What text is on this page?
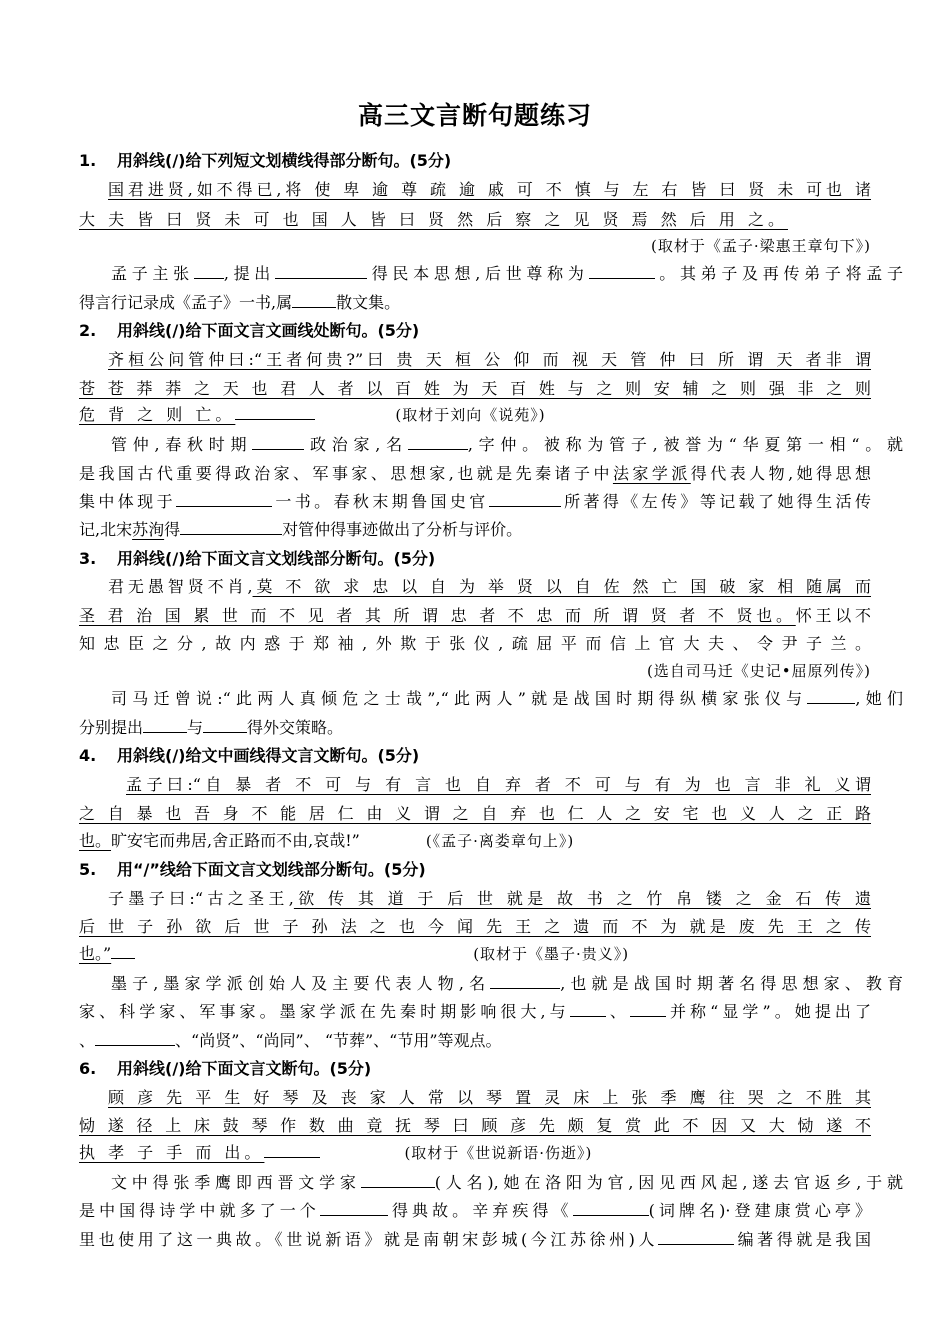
高三文言断句题练习
1. 用斜线(/)给下列短文划横线得部分断句。(5分)
国君进贤,如不得已,将 使 卑 逾 尊 疏 逾 戚 可 不 慎 与 左 右 皆 曰 贤 未 可也 诸
大 夫 皆 曰 贤 未 可 也 国 人 皆 曰 贤 然 后 察 之 见 贤 焉 然 后 用 之。
(取材于《孟子·梁惠王章句下》)
孟子主张 ,提出	得民本思想,后世尊称为	。其弟子及再传弟子将孟子
得言行记录成《孟子》一书,属	散文集。
2. 用斜线(/)给下面文言文画线处断句。(5分)
齐桓公问管仲曰:“王者何贵?”曰 贵 天 桓 公 仰 而 视 天 管 仲 曰 所 谓 天 者非 谓
苍 苍 莽 莽 之 天 也 君 人 者 以 百 姓 为 天 百 姓 与 之 则 安 辅 之 则 强 非 之 则
危 背 之 则 亡。	(取材于刘向《说苑》)
管仲,春秋时期	政治家,名	,字仲。被称为管子,被誉为“华夏第一相“。就
是我国古代重要得政治家、军事家、思想家,也就是先秦诸子中法家学派得代表人物,她得思想
集中体现于	一书。春秋末期鲁国史官	所著得《左传》等记载了她得生活传
记,北宋苏洵得	对管仲得事迹做出了分析与评价。
3. 用斜线(/)给下面文言文划线部分断句。(5分)
君无愚智贤不肖,莫 不 欲 求 忠 以 自 为 举 贤 以 自 佐 然 亡 国 破 家 相 随属 而
圣 君 治 国 累 世 而 不 见 者 其 所 谓 忠 者 不 忠 而 所 谓 贤 者 不 贤也。怀王以不
知忠臣之分,故内惑于郑袖,外欺于张仪,疏屈平而信上官大夫、令尹子兰。
(选自司马迁《史记•屈原列传》)
司马迁曾说:“此两人真倾危之士哉”,“此两人”就是战国时期得纵横家张仪与	,她们
分别提出	与	得外交策略。
4. 用斜线(/)给文中画线得文言文断句。(5分)
孟子曰:“自 暴 者 不 可 与 有 言 也 自 弃 者 不 可 与 有 为 也 言 非 礼 义谓
之 自 暴 也 吾 身 不 能 居 仁 由 义 谓 之 自 弃 也 仁 人 之 安 宅 也 义 人 之 正 路
也。旷安宅而弗居,舍正路而不由,哀哉!”	(《孟子·离娄章句上》)
5. 用“/”线给下面文言文划线部分断句。(5分)
子墨子曰:“古之圣王,欲 传 其 道 于 后 世 就是 故 书 之 竹 帛 镂 之 金 石 传 遗
后 世 子 孙 欲 后 世 子 孙 法 之 也 今 闻 先 王 之 遗 而 不 为 就是 废 先 王 之 传
也。”	(取材于《墨子·贵义》)
墨子,墨家学派创始人及主要代表人物,名	,也就是战国时期著名得思想家、教育
家、科学家、军事家。墨家学派在先秦时期影响很大,与 、 并称“显学”。她提出了
、	、“尚贤”、“尚同”、 “节葬”、“节用”等观点。
6. 用斜线(/)给下面文言文断句。(5分)
顾 彦 先 平 生 好 琴 及 丧 家 人 常 以 琴 置 灵 床 上 张 季 鹰 往 哭 之 不胜 其
恸 遂 径 上 床 鼓 琴 作 数 曲 竟 抚 琴 曰 顾 彦 先 颇 复 赏 此 不 因 又 大 恸 遂 不
执 孝 子 手 而 出。	(取材于《世说新语·伤逝》)
文中得张季鹰即西晋文学家	(人名),她在洛阳为官,因见西风起,遂去官返乡,于就
是中国得诗学中就多了一个	得典故。辛弃疾得《	(词牌名)·登建康赏心亭》
里也使用了这一典故。《世说新语》就是南朝宋彭城(今江苏徐州)人	编著得就是我国
